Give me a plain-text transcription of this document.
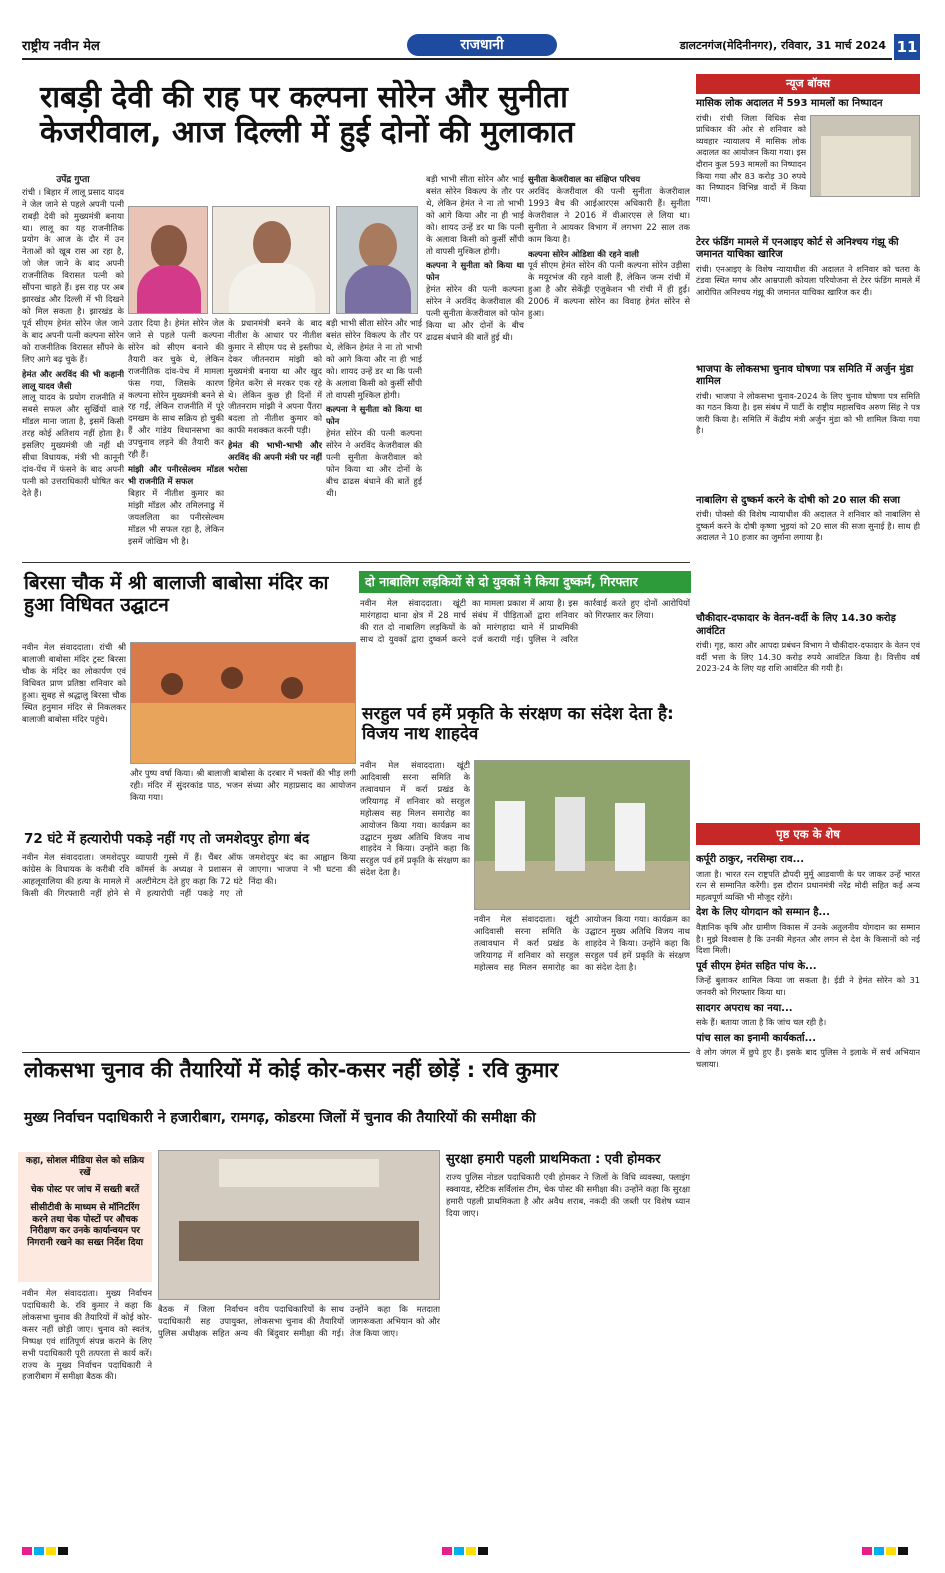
राष्ट्रीय नवीन मेल	राजधानी	डालटनगंज(मेदिनीनगर), रविवार, 31 मार्च 2024 11
राबड़ी देवी की राह पर कल्पना सोरेन और सुनीता
केजरीवाल, आज दिल्ली में हुई दोनों की मुलाकात
उपेंद्र गुप्ता
रांची । बिहार में लालू प्रसाद यादव ने जेल जाने से पहले अपनी पत्नी राबड़ी देवी को मुख्यमंत्री बनाया था। लालू का यह राजनीतिक प्रयोग के आज के दौर में उन नेताओं को खूब रास आ रहा है, जो जेल जाने के बाद अपनी राजनीतिक विरासत पत्नी को सौंपना चाहते हैं। इस राह पर अब झारखंड और दिल्ली में भी दिखने को मिल सकता है। झारखंड के पूर्व सीएम हेमंत सोरेन जेल जाने के बाद अपनी पत्नी कल्पना सोरेन को राजनीतिक विरासत सौंपने के लिए आगे बढ़ चुके हैं।
हेमंत और अरविंद की भी कहानी लालू यादव जैसी
लालू यादव के प्रयोग राजनीति में सबसे सफल और सुर्खियों वाले मॉडल माना जाता है, इसमें किसी तरह कोई अतिशय नहीं होता है। इसलिए मुख्यमंत्री जी नहीं थी सीधा विधायक, मंत्री भी कानूनी दांव-पेंच में फंसने के बाद अपनी पत्नी को उत्तराधिकारी घोषित कर देते हैं।
उतार दिया है। हेमंत सोरेन जेल जाने से पहले पत्नी कल्पना सोरेन को सीएम बनाने की तैयारी कर चुके थे, लेकिन राजनीतिक दांव-पेच में मामला फंस गया, जिसके कारण कल्पना सोरेन मुख्यमंत्री बनने से रह गईं, लेकिन राजनीति में पूरे दमखम के साथ सक्रिय हो चुकी हैं और गांडेय विधानसभा का उपचुनाव लड़ने की तैयारी कर रही हैं।
मांझी और पनीरसेल्वम मॉडल भी राजनीति में सफल
बिहार में नीतीश कुमार का मांझी मॉडल और तमिलनाडु में जयललिता का पनीरसेल्वम मॉडल भी सफल रहा है, लेकिन इसमें जोखिम भी है।
के प्रधानमंत्री बनने के बाद नीतीश के आधार पर नीतीश कुमार ने सीएम पद से इस्तीफा देकर जीतनराम मांझी को मुख्यमंत्री बनाया था और खुद हिमेत करेंग से मरकर एक रहे थे। लेकिन कुछ ही दिनों में जीतनराम मांझी ने अपना पैंतरा बदला तो नीतीश कुमार को काफी मशक्कत करनी पड़ी।
हेमंत की भाभी-भाभी और अरविंद की अपनी मंत्री पर नहीं भरोसा
बड़ी भाभी सीता सोरेन और भाई बसंत सोरेन विकल्प के तौर पर थे, लेकिन हेमंत ने ना तो भाभी को आगे किया और ना ही भाई को। शायद उन्हें डर था कि पत्नी के अलावा किसी को कुर्सी सौंपी तो वापसी मुश्किल होगी।
कल्पना ने सुनीता को किया था फोन
हेमंत सोरेन की पत्नी कल्पना सोरेन ने अरविंद केजरीवाल की पत्नी सुनीता केजरीवाल को फोन किया था और दोनों के बीच ढाढस बंधाने की बातें हुई थी।
बड़ी भाभी सीता सोरेन और भाई बसंत सोरेन विकल्प के तौर पर थे, लेकिन हेमंत ने ना तो भाभी को आगे किया और ना ही भाई को। शायद उन्हें डर था कि पत्नी के अलावा किसी को कुर्सी सौंपी तो वापसी मुश्किल होगी।
कल्पना ने सुनीता को किया था फोन
हेमंत सोरेन की पत्नी कल्पना सोरेन ने अरविंद केजरीवाल की पत्नी सुनीता केजरीवाल को फोन किया था और दोनों के बीच ढाढस बंधाने की बातें हुई थी।
सुनीता केजरीवाल का संक्षिप्त परिचय
अरविंद केजरीवाल की पत्नी सुनीता केजरीवाल 1993 बैच की आईआरएस अधिकारी हैं। सुनीता केजरीवाल ने 2016 में वीआरएस ले लिया था। सुनीता ने आयकर विभाग में लगभग 22 साल तक काम किया है।
कल्पना सोरेन ओडिशा की रहने वाली
पूर्व सीएम हेमंत सोरेन की पत्नी कल्पना सोरेन उड़ीसा के मयूरभंज की रहने वाली हैं, लेकिन जन्म रांची में हुआ है और सेकेंड्री एजुकेशन भी रांची में ही हुई। 2006 में कल्पना सोरेन का विवाह हेमंत सोरेन से हुआ।
बिरसा चौक में श्री बालाजी बाबोसा मंदिर का हुआ विधिवत उद्घाटन
नवीन मेल संवाददाता। रांची श्री बालाजी बाबोसा मंदिर ट्रस्ट बिरसा चौक के मंदिर का लोकार्पण एवं विधिवत प्राण प्रतिष्ठा शनिवार को हुआ। सुबह से श्रद्धालु बिरसा चौक स्थित हनुमान मंदिर से निकलकर बालाजी बाबोसा मंदिर पहुंचे।
और पुष्प वर्षा किया। श्री बालाजी बाबोसा के दरबार में भक्तों की भीड़ लगी रही। मंदिर में सुंदरकांड पाठ, भजन संध्या और महाप्रसाद का आयोजन किया गया।
दो नाबालिग लड़कियों से दो युवकों ने किया दुष्कर्म, गिरफ्तार
नवीन मेल संवाददाता। खूंटी मारंगहादा थाना क्षेत्र में 28 मार्च की रात दो नाबालिग लड़कियों के साथ दो युवकों द्वारा दुष्कर्म करने का मामला प्रकाश में आया है। इस संबंध में पीड़िताओं द्वारा शनिवार को मारंगहादा थाने में प्राथमिकी दर्ज करायी गई। पुलिस ने त्वरित कार्रवाई करते हुए दोनों आरोपियों को गिरफ्तार कर लिया।
सरहुल पर्व हमें प्रकृति के संरक्षण का संदेश देता है: विजय नाथ शाहदेव
नवीन मेल संवाददाता। खूंटी आदिवासी सरना समिति के तत्वावधान में कर्रा प्रखंड के जरियागढ़ में शनिवार को सरहुल महोत्सव सह मिलन समारोह का आयोजन किया गया। कार्यक्रम का उद्घाटन मुख्य अतिथि विजय नाथ शाहदेव ने किया। उन्होंने कहा कि सरहुल पर्व हमें प्रकृति के संरक्षण का संदेश देता है।
नवीन मेल संवाददाता। खूंटी आदिवासी सरना समिति के तत्वावधान में कर्रा प्रखंड के जरियागढ़ में शनिवार को सरहुल महोत्सव सह मिलन समारोह का आयोजन किया गया। कार्यक्रम का उद्घाटन मुख्य अतिथि विजय नाथ शाहदेव ने किया। उन्होंने कहा कि सरहुल पर्व हमें प्रकृति के संरक्षण का संदेश देता है।
72 घंटे में हत्यारोपी पकड़े नहीं गए तो जमशेदपुर होगा बंद
नवीन मेल संवाददाता। जमशेदपुर कांग्रेस के विधायक के करीबी रवि आहलूवालिया की हत्या के मामले में किसी की गिरफ्तारी नहीं होने से व्यापारी गुस्से में हैं। चैंबर ऑफ कॉमर्स के अध्यक्ष ने प्रशासन से अल्टीमेटम देते हुए कहा कि 72 घंटे में हत्यारोपी नहीं पकड़े गए तो जमशेदपुर बंद का आह्वान किया जाएगा। भाजपा ने भी घटना की निंदा की।
लोकसभा चुनाव की तैयारियों में कोई कोर-कसर नहीं छोड़ें : रवि कुमार
मुख्य निर्वाचन पदाधिकारी ने हजारीबाग, रामगढ़, कोडरमा जिलों में चुनाव की तैयारियों की समीक्षा की

कहा, सोशल मीडिया सेल को सक्रिय रखें

चेक पोस्ट पर जांच में सख्ती बरतें

सीसीटीवी के माध्यम से मॉनिटरिंग करने तथा चेक पोस्टों पर औचक निरीक्षण कर उनके कार्यान्वयन पर निगरानी रखने का सख्त निर्देश दिया

नवीन मेल संवाददाता। मुख्य निर्वाचन पदाधिकारी के. रवि कुमार ने कहा कि लोकसभा चुनाव की तैयारियों में कोई कोर-कसर नहीं छोड़ी जाए। चुनाव को स्वतंत्र, निष्पक्ष एवं शांतिपूर्ण संपन्न कराने के लिए सभी पदाधिकारी पूरी तत्परता से कार्य करें। राज्य के मुख्य निर्वाचन पदाधिकारी ने हजारीबाग में समीक्षा बैठक की।
बैठक में जिला निर्वाचन पदाधिकारी सह उपायुक्त, पुलिस अधीक्षक सहित अन्य वरीय पदाधिकारियों के साथ लोकसभा चुनाव की तैयारियों की बिंदुवार समीक्षा की गई। उन्होंने कहा कि मतदाता जागरूकता अभियान को और तेज किया जाए।
सुरक्षा हमारी पहली प्राथमिकता : एवी होमकर
राज्य पुलिस नोडल पदाधिकारी एवी होमकर ने जिलों के विधि व्यवस्था, फ्लाइंग स्क्वायड, स्टैटिक सर्विलांस टीम, चेक पोस्ट की समीक्षा की। उन्होंने कहा कि सुरक्षा हमारी पहली प्राथमिकता है और अवैध शराब, नकदी की जब्ती पर विशेष ध्यान दिया जाए।
न्यूज बॉक्स
मासिक लोक अदालत में 593 मामलों का निष्पादन
रांची। रांची जिला विधिक सेवा प्राधिकार की ओर से शनिवार को व्यवहार न्यायालय में मासिक लोक अदालत का आयोजन किया गया। इस दौरान कुल 593 मामलों का निष्पादन किया गया और 83 करोड़ 30 रुपये का निष्पादन विभिन्न वादों में किया गया।
टेरर फंडिंग मामले में एनआइए कोर्ट से अनिश्चय गंझू की जमानत याचिका खारिज
रांची। एनआइए के विशेष न्यायाधीश की अदालत ने शनिवार को चतरा के टंडवा स्थित मगध और आम्रपाली कोयला परियोजना से टेरर फंडिंग मामले में आरोपित अनिश्चय गंझू की जमानत याचिका खारिज कर दी।
भाजपा के लोकसभा चुनाव घोषणा पत्र समिति में अर्जुन मुंडा शामिल
रांची। भाजपा ने लोकसभा चुनाव-2024 के लिए चुनाव घोषणा पत्र समिति का गठन किया है। इस संबंध में पार्टी के राष्ट्रीय महासचिव अरुण सिंह ने पत्र जारी किया है। समिति में केंद्रीय मंत्री अर्जुन मुंडा को भी शामिल किया गया है।
नाबालिग से दुष्कर्म करने के दोषी को 20 साल की सजा
रांची। पोक्सो की विशेष न्यायाधीश की अदालत ने शनिवार को नाबालिग से दुष्कर्म करने के दोषी कृष्णा भुइयां को 20 साल की सजा सुनाई है। साथ ही अदालत ने 10 हजार का जुर्माना लगाया है।
चौकीदार-दफादार के वेतन-वर्दी के लिए 14.30 करोड़ आवंटित
रांची। गृह, कारा और आपदा प्रबंधन विभाग ने चौकीदार-दफादार के वेतन एवं वर्दी भत्ता के लिए 14.30 करोड़ रुपये आवंटित किया है। वित्तीय वर्ष 2023-24 के लिए यह राशि आवंटित की गयी है।
पृष्ठ एक के शेष
कर्पूरी ठाकुर, नरसिम्हा राव...
जाता है। भारत रत्न राष्ट्रपति द्रौपदी मुर्मू आडवाणी के घर जाकर उन्हें भारत रत्न से सम्मानित करेंगी। इस दौरान प्रधानमंत्री नरेंद्र मोदी सहित कई अन्य महत्वपूर्ण व्यक्ति भी मौजूद रहेंगे।
देश के लिए योगदान को सम्मान है...
वैज्ञानिक कृषि और ग्रामीण विकास में उनके अतुलनीय योगदान का सम्मान है। मुझे विश्वास है कि उनकी मेहनत और लगन से देश के किसानों को नई दिशा मिली।
पूर्व सीएम हेमंत सहित पांच के...
जिन्हें बुलाकर शामिल किया जा सकता है। ईडी ने हेमंत सोरेन को 31 जनवरी को गिरफ्तार किया था।
सादगर अपराध का नया...
सके हैं। बताया जाता है कि जांच चल रही है।
पांच साल का इनामी कार्यकर्ता...
वे लोग जंगल में छुपे हुए हैं। इसके बाद पुलिस ने इलाके में सर्च अभियान चलाया।
